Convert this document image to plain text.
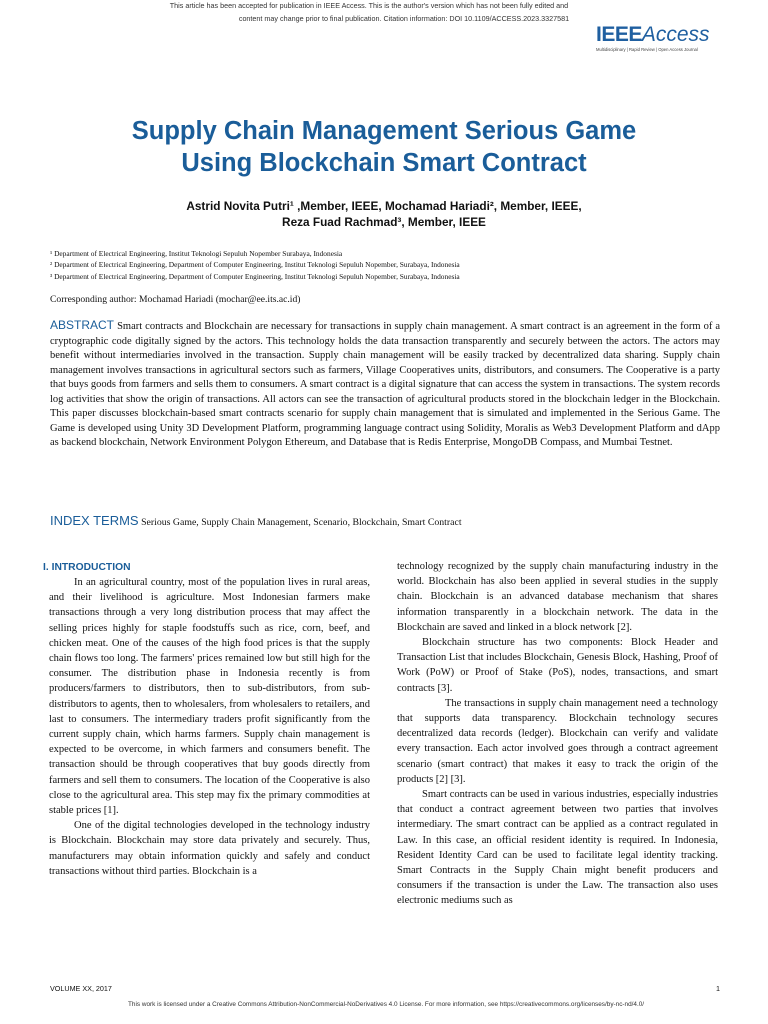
This article has been accepted for publication in IEEE Access. This is the author's version which has not been fully edited and
content may change prior to final publication. Citation information: DOI 10.1109/ACCESS.2023.3327581
IEEEAccess
Multidisciplinary | Rapid Review | Open Access Journal
Supply Chain Management Serious Game
Using Blockchain Smart Contract
Astrid Novita Putri¹ ,Member, IEEE, Mochamad Hariadi², Member, IEEE,
Reza Fuad Rachmad³, Member, IEEE
¹ Department of Electrical Engineering, Institut Teknologi Sepuluh Nopember Surabaya, Indonesia
² Department of Electrical Engineering, Department of Computer Engineering, Institut Teknologi Sepuluh Nopember, Surabaya, Indonesia
³ Department of Electrical Engineering, Department of Computer Engineering, Institut Teknologi Sepuluh Nopember, Surabaya, Indonesia
Corresponding author: Mochamad Hariadi (mochar@ee.its.ac.id)
ABSTRACT Smart contracts and Blockchain are necessary for transactions in supply chain management. A smart contract is an agreement in the form of a cryptographic code digitally signed by the actors. This technology holds the data transaction transparently and securely between the actors. The actors may benefit without intermediaries involved in the transaction. Supply chain management will be easily tracked by decentralized data sharing. Supply chain management involves transactions in agricultural sectors such as farmers, Village Cooperatives units, distributors, and consumers. The Cooperative is a party that buys goods from farmers and sells them to consumers. A smart contract is a digital signature that can access the system in transactions. The system records log activities that show the origin of transactions. All actors can see the transaction of agricultural products stored in the blockchain ledger in the Blockchain. This paper discusses blockchain-based smart contracts scenario for supply chain management that is simulated and implemented in the Serious Game. The Game is developed using Unity 3D Development Platform, programming language contract using Solidity, Moralis as Web3 Development Platform and dApp as backend blockchain, Network Environment Polygon Ethereum, and Database that is Redis Enterprise, MongoDB Compass, and Mumbai Testnet.
INDEX TERMS Serious Game, Supply Chain Management, Scenario, Blockchain, Smart Contract
I. INTRODUCTION

In an agricultural country, most of the population lives in rural areas, and their livelihood is agriculture. Most Indonesian farmers make transactions through a very long distribution process that may affect the selling prices highly for staple foodstuffs such as rice, corn, beef, and chicken meat. One of the causes of the high food prices is that the supply chain flows too long. The farmers' prices remained low but still high for the consumer. The distribution phase in Indonesia recently is from producers/farmers to distributors, then to sub-distributors, from sub-distributors to agents, then to wholesalers, from wholesalers to retailers, and last to consumers. The intermediary traders profit significantly from the current supply chain, which harms farmers. Supply chain management is expected to be overcome, in which farmers and consumers benefit. The transaction should be through cooperatives that buy goods directly from farmers and sell them to consumers. The location of the Cooperative is also close to the agricultural area. This step may fix the primary commodities at stable prices [1].

One of the digital technologies developed in the technology industry is Blockchain. Blockchain may store data privately and securely. Thus, manufacturers may obtain information quickly and safely and conduct transactions without third parties. Blockchain is a

technology recognized by the supply chain manufacturing industry in the world. Blockchain has also been applied in several studies in the supply chain. Blockchain is an advanced database mechanism that shares information transparently in a blockchain network. The data in the Blockchain are saved and linked in a block network [2].

Blockchain structure has two components: Block Header and Transaction List that includes Blockchain, Genesis Block, Hashing, Proof of Work (PoW) or Proof of Stake (PoS), nodes, transactions, and smart contracts [3].

The transactions in supply chain management need a technology that supports data transparency. Blockchain technology secures decentralized data records (ledger). Blockchain can verify and validate every transaction. Each actor involved goes through a contract agreement scenario (smart contract) that makes it easy to track the origin of the products [2] [3].

Smart contracts can be used in various industries, especially industries that conduct a contract agreement between two parties that involves intermediary. The smart contract can be applied as a contract regulated in Law. In this case, an official resident identity is required. In Indonesia, Resident Identity Card can be used to facilitate legal identity tracking. Smart Contracts in the Supply Chain might benefit producers and consumers if the transaction is under the Law. The transaction also uses electronic mediums such as

VOLUME XX, 2017	1
This work is licensed under a Creative Commons Attribution-NonCommercial-NoDerivatives 4.0 License. For more information, see https://creativecommons.org/licenses/by-nc-nd/4.0/
